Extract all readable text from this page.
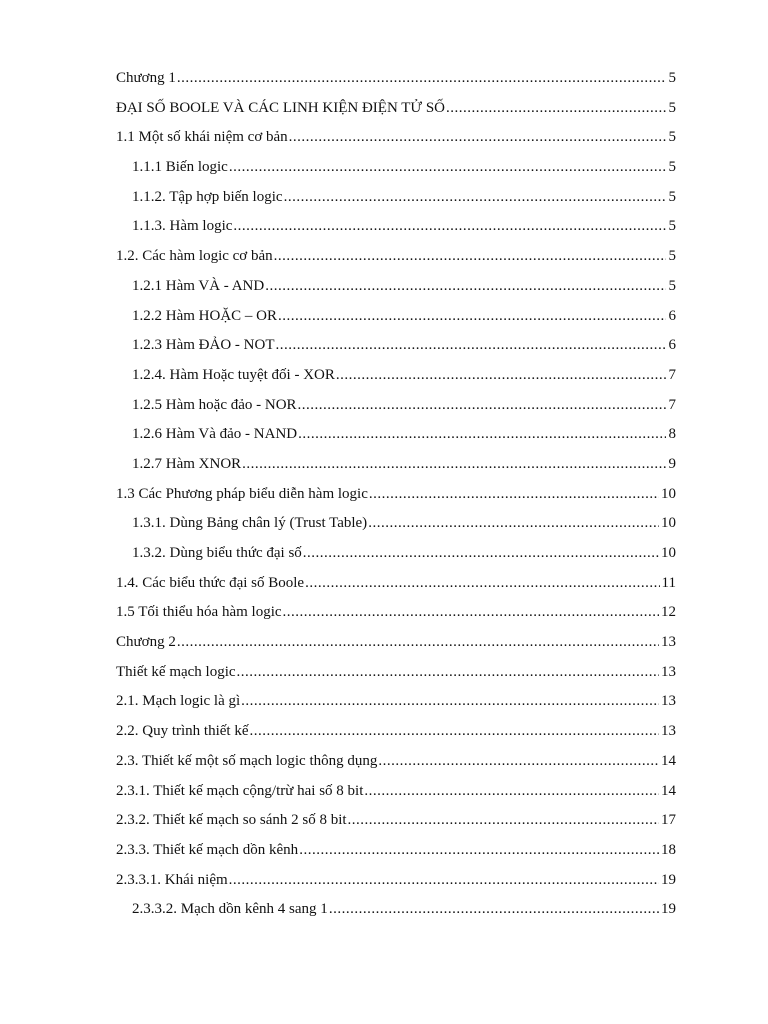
Chương 1 .....	5
ĐẠI SỐ BOOLE VÀ CÁC LINH KIỆN ĐIỆN TỬ SỐ .....	5
1.1 Một số khái niệm cơ bản .....	5
1.1.1 Biến logic .....	5
1.1.2. Tập hợp biến logic .....	5
1.1.3. Hàm logic .....	5
1.2. Các hàm logic cơ bản .....	5
1.2.1 Hàm VÀ - AND .....	5
1.2.2 Hàm HOẶC – OR .....	6
1.2.3 Hàm ĐẢO - NOT .....	6
1.2.4. Hàm Hoặc tuyệt đối - XOR .....	7
1.2.5 Hàm hoặc đảo - NOR .....	7
1.2.6 Hàm Và đảo - NAND .....	8
1.2.7 Hàm XNOR .....	9
1.3 Các Phương pháp biểu diễn hàm logic .....	10
1.3.1. Dùng Bảng chân lý (Trust Table) .....	10
1.3.2. Dùng biểu thức đại số .....	10
1.4. Các biểu thức đại số Boole .....	11
1.5 Tối thiểu hóa hàm logic .....	12
Chương 2 .....	13
Thiết kế mạch logic .....	13
2.1. Mạch logic là gì .....	13
2.2. Quy trình thiết kế .....	13
2.3. Thiết kế một số mạch logic thông dụng .....	14
2.3.1. Thiết kế mạch cộng/trừ hai số 8 bit .....	14
2.3.2. Thiết kế mạch so sánh 2 số 8 bit .....	17
2.3.3. Thiết kế mạch dồn kênh .....	18
2.3.3.1. Khái niệm .....	19
2.3.3.2. Mạch dồn kênh 4 sang 1 .....	19
